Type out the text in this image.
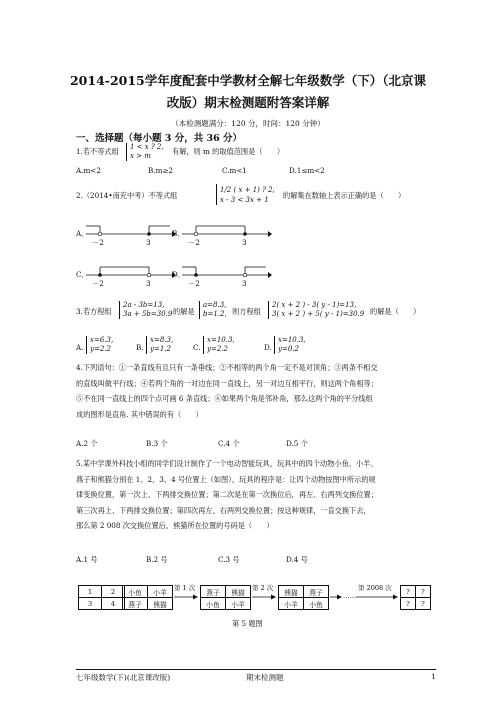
2014-2015学年度配套中学教材全解七年级数学（下）（北京课
改版）期末检测题附答案详解
（本检测题满分：120 分，时间：120 分钟）
一、选择题（每小题 3 分，共 36 分）
1.若不等式组 1 < x ? 2,
x > m	有解，则 m 的取值范围是（　　）
A.m<2	B.m≥2	C.m<1	D.1≤m<2
2.（2014•南充中考）不等式组
1/2 ( x + 1) ? 2,
x - 3 < 3x + 1	的解集在数轴上表示正确的是（　　）
A．
－2	3
B．
－2	3
C．
－2	3
D．
－2	3
3.若方程组
2a - 3b=13,
3a + 5b=30.9 的解是
a=8.3,
b=1.2, 则方程组
2( x + 2 ) - 3( y - 1)=13,
3( x + 2 ) + 5( y - 1)=30.9 的解是（　　）
A.
x=6.3,
y=2.2	B.
x=8.3,
y=1.2	C.
x=10.3,
y=2.2	D.
x=10.3,
y=0.2
4.下列语句：①一条直线有且只有一条垂线；②不相等的两个角一定不是对顶角；③两条不相交
的直线叫做平行线；④若两个角的一对边在同一直线上，另一对边互相平行，则这两个角相等；
⑤不在同一直线上的四个点可画 6 条直线；⑥如果两个角是邻补角，那么这两个角的平分线组
成的图形是直角. 其中错误的有（　　）
A.2 个	B.3 个	C.4 个	D.5 个
5.某中学课外科技小组的同学们设计制作了一个电动智能玩具，玩具中的四个动物小鱼、小羊、
燕子和熊猫分别在 1、2、3、4 号位置上（如图），玩具的程序是：让四个动物按图中所示的规
律变换位置，第一次上、下两排交换位置；第二次是在第一次换位后，再左、右两列交换位置；
第三次再上、下两排交换位置；第四次再左、右两列交换位置；按这种规律，一直交换下去，
那么第 2 008 次交换位置后，熊猫所在位置的号码是（　　）
A.1 号	B.2 号	C.3 号	D.4 号
1	2
3	4
小鱼	小羊
燕子	熊猫
第 1 次
燕子	熊猫
小鱼	小羊
第 2 次
熊猫	燕子
小羊	小鱼
……
第 2008 次 ?	?
?	?
第 5 题图
七年级数学(下)(北京课改版)	期末检测题	1
